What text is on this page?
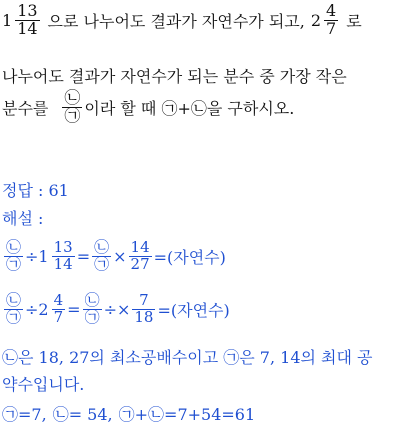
$1 \frac{13}{14}$ 으로 나누어도 결과가 자연수가 되고, $2 \frac{4}{7}$ 로
나누어도 결과가 자연수가 되는 분수 중 가장 작은
분수를 $\frac{㉡}{㉠}$ 이라 할 때 ㉠+㉡을 구하시오.
정답 : 61
해설 :
$\frac{㉡}{㉠} \div 1 \frac{13}{14} = \frac{㉡}{㉠} \times \frac{14}{27}$ =(자연수)
$\frac{㉡}{㉠} \div 2 \frac{4}{7} = \frac{㉡}{㉠} \div\times \frac{7}{18}$ =(자연수)
㉡은 18, 27의 최소공배수이고 ㉠은 7, 14의 최대 공
약수입니다.
㉠=7, ㉡= 54, ㉠+㉡=7+54=61
